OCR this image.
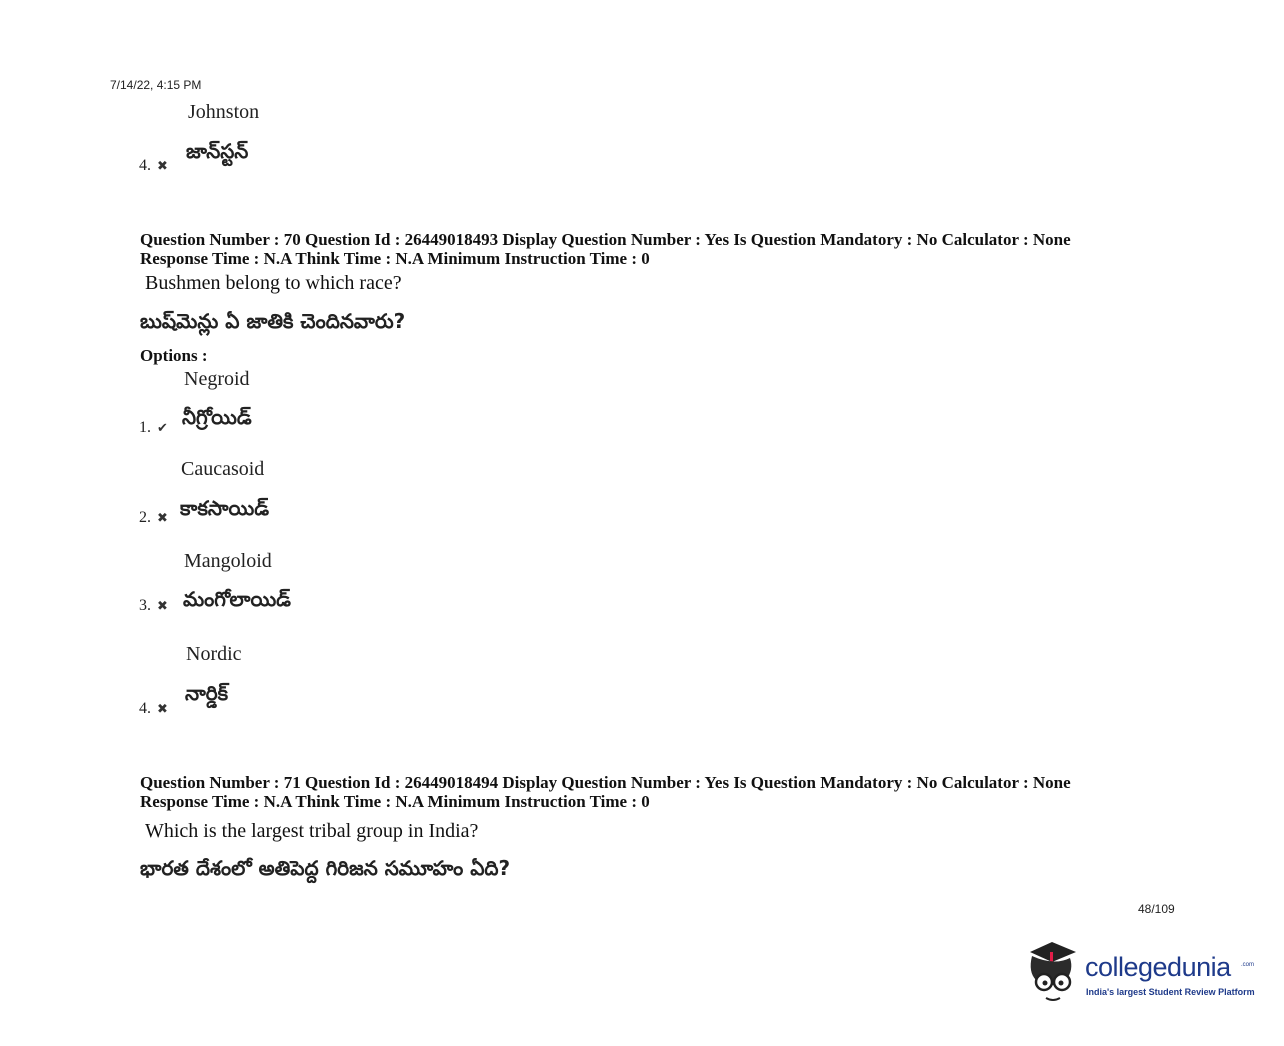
7/14/22, 4:15 PM
Johnston
4. ✖
జాన్‌స్టన్
Question Number : 70 Question Id : 26449018493 Display Question Number : Yes Is Question Mandatory : No Calculator : None
Response Time : N.A Think Time : N.A Minimum Instruction Time : 0
Bushmen belong to which race?
బుష్‌మెన్లు ఏ జాతికి చెందినవారు?
Options :
Negroid
1. ✔ నీగ్రోయిడ్
Caucasoid
2. ✖ కాకసాయిడ్
Mangoloid
3. ✖ మంగోలాయిడ్
Nordic
4. ✖
నార్డిక్
Question Number : 71 Question Id : 26449018494 Display Question Number : Yes Is Question Mandatory : No Calculator : None
Response Time : N.A Think Time : N.A Minimum Instruction Time : 0
Which is the largest tribal group in India?
భారత దేశంలో అతిపెద్ద గిరిజన సమూహం ఏది?
48/109
collegedunia .com
India's largest Student Review Platform
